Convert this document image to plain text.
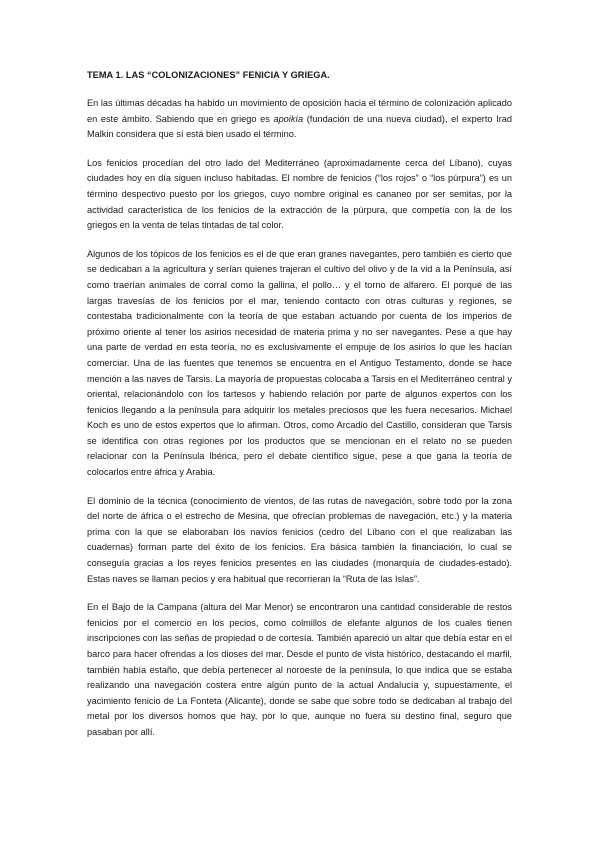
TEMA 1. LAS “COLONIZACIONES” FENICIA Y GRIEGA.

En las últimas décadas ha habido un movimiento de oposición hacia el término de colonización aplicado en este ámbito. Sabiendo que en griego es apoikía (fundación de una nueva ciudad), el experto Irad Malkin considera que sí está bien usado el término.

Los fenicios procedían del otro lado del Mediterráneo (aproximadamente cerca del Líbano), cuyas ciudades hoy en día siguen incluso habitadas. El nombre de fenicios (“los rojos” o “los púrpura”) es un término despectivo puesto por los griegos, cuyo nombre original es cananeo por ser semitas, por la actividad característica de los fenicios de la extracción de la púrpura, que competía con la de los griegos en la venta de telas tintadas de tal color.

Algunos de los tópicos de los fenicios es el de que eran granes navegantes, pero también es cierto que se dedicaban a la agricultura y serían quienes trajeran el cultivo del olivo y de la vid a la Península, así como traerían animales de corral como la gallina, el pollo… y el torno de alfarero. El porqué de las largas travesías de los fenicios por el mar, teniendo contacto con otras culturas y regiones, se contestaba tradicionalmente con la teoría de que estaban actuando por cuenta de los imperios de próximo oriente al tener los asirios necesidad de materia prima y no ser navegantes. Pese a que hay una parte de verdad en esta teoría, no es exclusivamente el empuje de los asirios lo que les hacían comerciar. Una de las fuentes que tenemos se encuentra en el Antiguo Testamento, donde se hace mención a las naves de Tarsis. La mayoría de propuestas colocaba a Tarsis en el Mediterráneo central y oriental, relacionándolo con los tartesos y habiendo relación por parte de algunos expertos con los fenicios llegando a la península para adquirir los metales preciosos que les fuera necesarios. Michael Koch es uno de estos expertos que lo afirman. Otros, como Arcadio del Castillo, consideran que Tarsis se identifica con otras regiones por los productos que se mencionan en el relato no se pueden relacionar con la Península Ibérica, pero el debate científico sigue, pese a que gana la teoría de colocarlos entre áfrica y Arabia.

El dominio de la técnica (conocimiento de vientos, de las rutas de navegación, sobre todo por la zona del norte de áfrica o el estrecho de Mesina, que ofrecían problemas de navegación, etc.) y la materia prima con la que se elaboraban los navíos fenicios (cedro del Líbano con el que realizaban las cuadernas) forman parte del éxito de los fenicios. Era básica también la financiación, lo cual se conseguía gracias a los reyes fenicios presentes en las ciudades (monarquía de ciudades-estado). Estas naves se llaman pecios y era habitual que recorrieran la “Ruta de las Islas”.

En el Bajo de la Campana (altura del Mar Menor) se encontraron una cantidad considerable de restos fenicios por el comercio en los pecios, como colmillos de elefante algunos de los cuales tienen inscripciones con las señas de propiedad o de cortesía. También apareció un altar que debía estar en el barco para hacer ofrendas a los dioses del mar. Desde el punto de vista histórico, destacando el marfil, también había estaño, que debía pertenecer al noroeste de la península, lo que indica que se estaba realizando una navegación costera entre algún punto de la actual Andalucía y, supuestamente, el yacimiento fenicio de La Fonteta (Alicante), donde se sabe que sobre todo se dedicaban al trabajo del metal por los diversos hornos que hay, por lo que, aunque no fuera su destino final, seguro que pasaban por allí.
